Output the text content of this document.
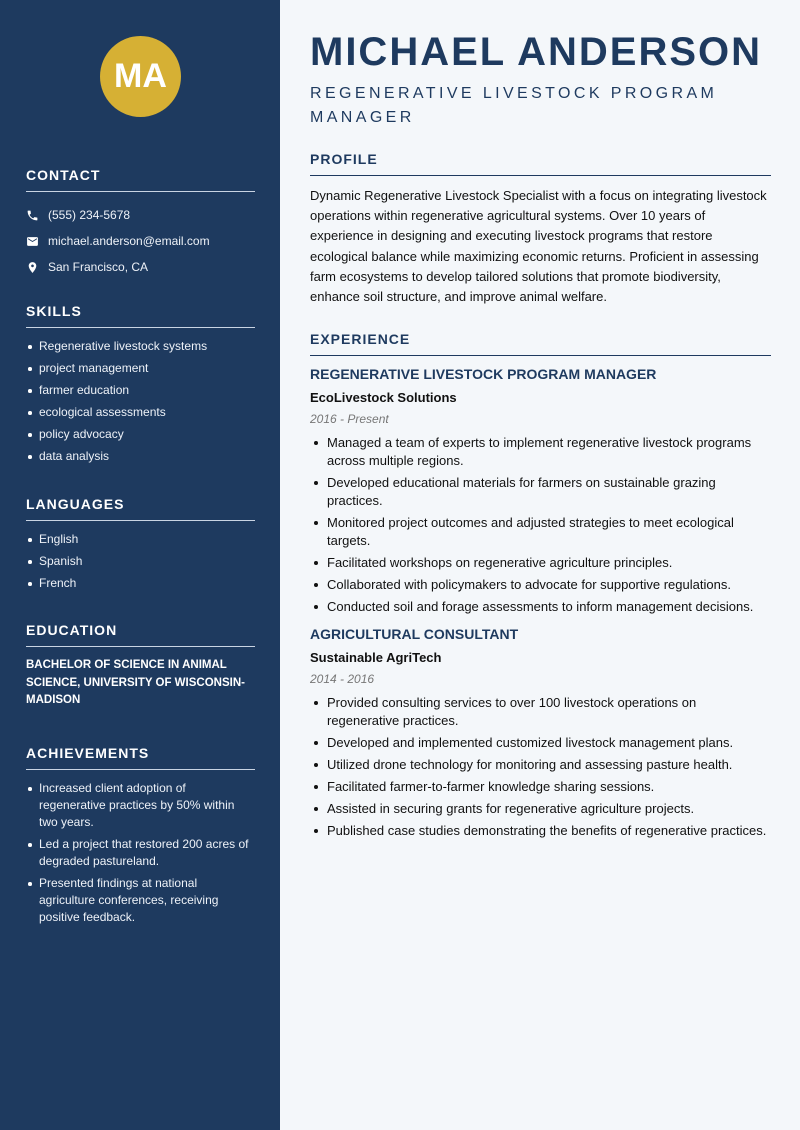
MA
CONTACT
(555) 234-5678
michael.anderson@email.com
San Francisco, CA
SKILLS
Regenerative livestock systems
project management
farmer education
ecological assessments
policy advocacy
data analysis
LANGUAGES
English
Spanish
French
EDUCATION
BACHELOR OF SCIENCE IN ANIMAL SCIENCE, UNIVERSITY OF WISCONSIN-MADISON
ACHIEVEMENTS
Increased client adoption of regenerative practices by 50% within two years.
Led a project that restored 200 acres of degraded pastureland.
Presented findings at national agriculture conferences, receiving positive feedback.
MICHAEL ANDERSON
REGENERATIVE LIVESTOCK PROGRAM MANAGER
PROFILE
Dynamic Regenerative Livestock Specialist with a focus on integrating livestock operations within regenerative agricultural systems. Over 10 years of experience in designing and executing livestock programs that restore ecological balance while maximizing economic returns. Proficient in assessing farm ecosystems to develop tailored solutions that promote biodiversity, enhance soil structure, and improve animal welfare.
EXPERIENCE
REGENERATIVE LIVESTOCK PROGRAM MANAGER
EcoLivestock Solutions
2016 - Present
Managed a team of experts to implement regenerative livestock programs across multiple regions.
Developed educational materials for farmers on sustainable grazing practices.
Monitored project outcomes and adjusted strategies to meet ecological targets.
Facilitated workshops on regenerative agriculture principles.
Collaborated with policymakers to advocate for supportive regulations.
Conducted soil and forage assessments to inform management decisions.
AGRICULTURAL CONSULTANT
Sustainable AgriTech
2014 - 2016
Provided consulting services to over 100 livestock operations on regenerative practices.
Developed and implemented customized livestock management plans.
Utilized drone technology for monitoring and assessing pasture health.
Facilitated farmer-to-farmer knowledge sharing sessions.
Assisted in securing grants for regenerative agriculture projects.
Published case studies demonstrating the benefits of regenerative practices.
